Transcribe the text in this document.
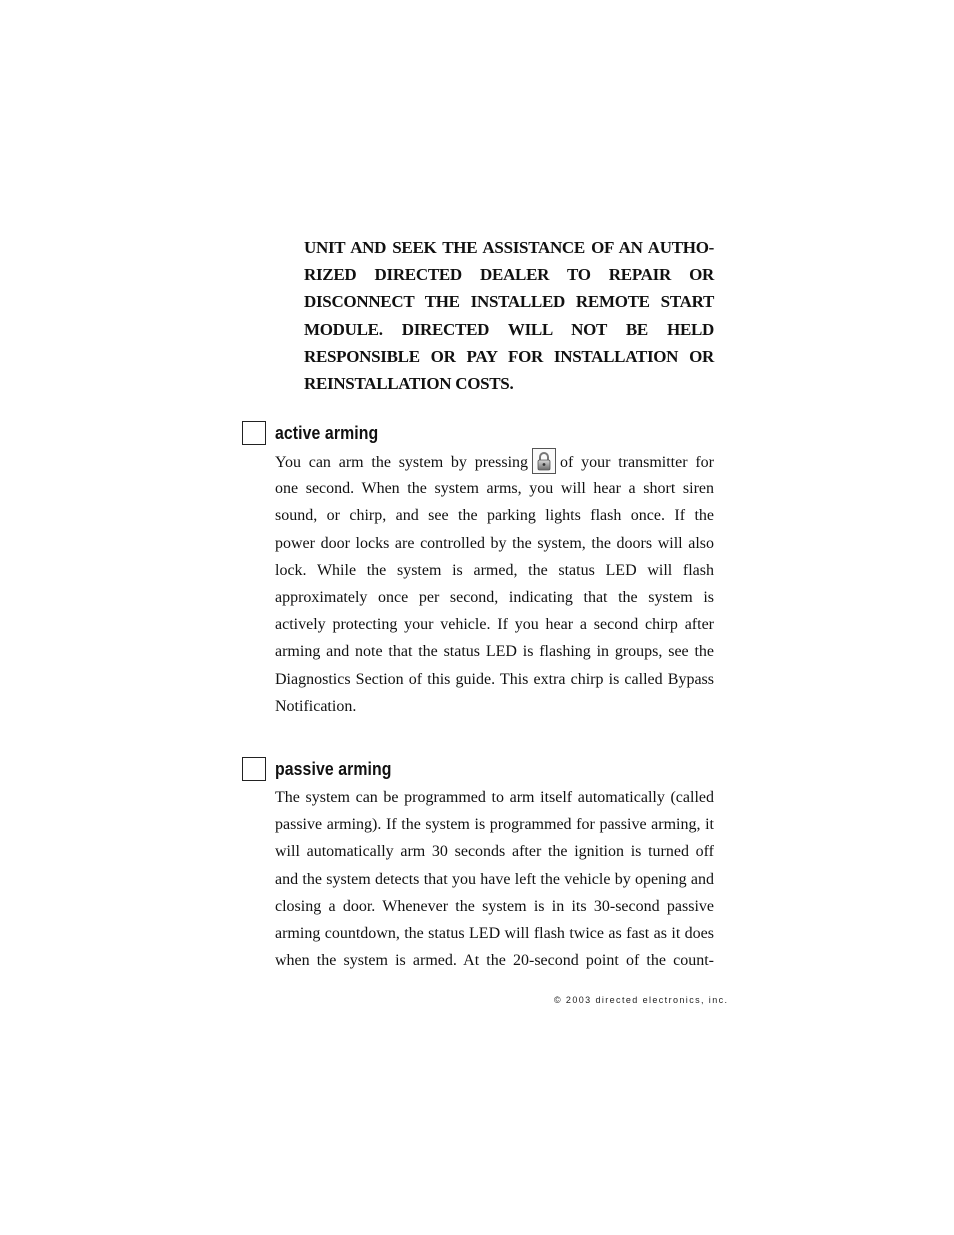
UNIT AND SEEK THE ASSISTANCE OF AN AUTHO-
RIZED DIRECTED DEALER TO REPAIR OR
DISCONNECT THE INSTALLED REMOTE START
MODULE. DIRECTED WILL NOT BE HELD
RESPONSIBLE OR PAY FOR INSTALLATION OR
REINSTALLATION COSTS.
active arming
You can arm the system by pressing of your transmitter for
one second. When the system arms, you will hear a short siren
sound, or chirp, and see the parking lights flash once. If the
power door locks are controlled by the system, the doors will also
lock. While the system is armed, the status LED will flash
approximately once per second, indicating that the system is
actively protecting your vehicle. If you hear a second chirp after
arming and note that the status LED is flashing in groups, see the
Diagnostics Section of this guide. This extra chirp is called Bypass
Notification.
passive arming
The system can be programmed to arm itself automatically (called
passive arming). If the system is programmed for passive arming, it
will automatically arm 30 seconds after the ignition is turned off
and the system detects that you have left the vehicle by opening and
closing a door. Whenever the system is in its 30-second passive
arming countdown, the status LED will flash twice as fast as it does
when the system is armed. At the 20-second point of the count-
© 2003 directed electronics, inc.
